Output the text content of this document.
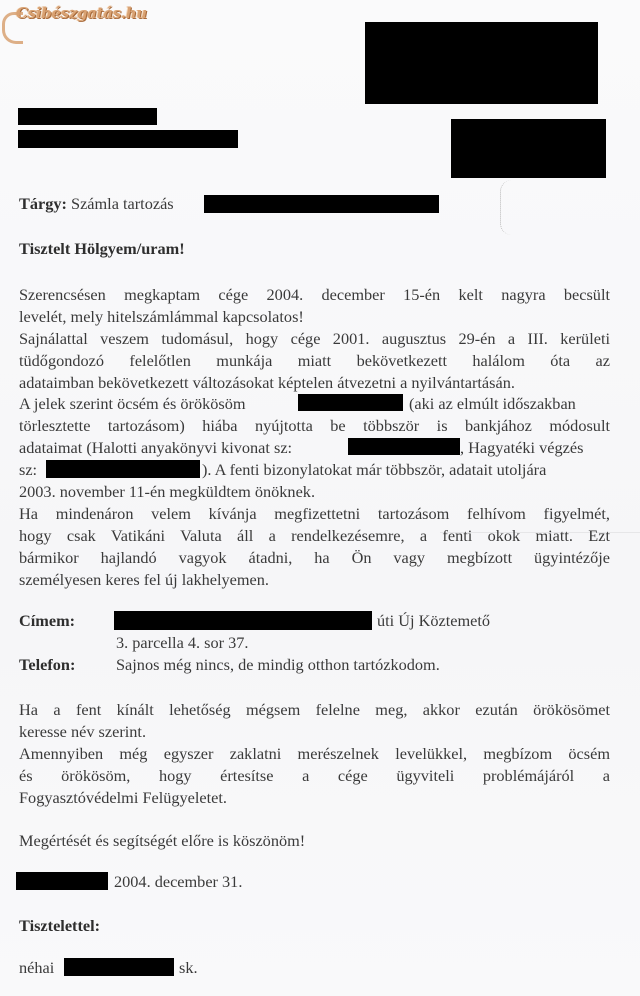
Csibészgatás.hu
Tárgy: Számla tartozás
Tisztelt Hölgyem/uram!
Szerencsésen megkaptam cége 2004. december 15-én kelt nagyra becsült
levelét, mely hitelszámlámmal kapcsolatos!
Sajnálattal veszem tudomásul, hogy cége 2001. augusztus 29-én a III. kerületi
tüdőgondozó felelőtlen munkája miatt bekövetkezett halálom óta az
adataimban bekövetkezett változásokat képtelen átvezetni a nyilvántartásán.
A jelek szerint öcsém és örökösöm	(aki az elmúlt időszakban
törlesztette tartozásom) hiába nyújtotta be többször is bankjához módosult
adataimat (Halotti anyakönyvi kivonat sz:	, Hagyatéki végzés
sz:	). A fenti bizonylatokat már többször, adatait utoljára
2003. november 11-én megküldtem önöknek.
Ha mindenáron velem kívánja megfizettetni tartozásom felhívom figyelmét,
hogy csak Vatikáni Valuta áll a rendelkezésemre, a fenti okok miatt. Ezt
bármikor hajlandó vagyok átadni, ha Ön vagy megbízott ügyintézője
személyesen keres fel új lakhelyemen.
Címem:	úti Új Köztemető
3. parcella 4. sor 37.
Telefon: Sajnos még nincs, de mindig otthon tartózkodom.
Ha a fent kínált lehetőség mégsem felelne meg, akkor ezután örökösömet
keresse név szerint.
Amennyiben még egyszer zaklatni merészelnek levelükkel, megbízom öcsém
és örökösöm, hogy értesítse a cége ügyviteli problémájáról a
Fogyasztóvédelmi Felügyeletet.
Megértését és segítségét előre is köszönöm!
2004. december 31.
Tisztelettel:
néhai	sk.
